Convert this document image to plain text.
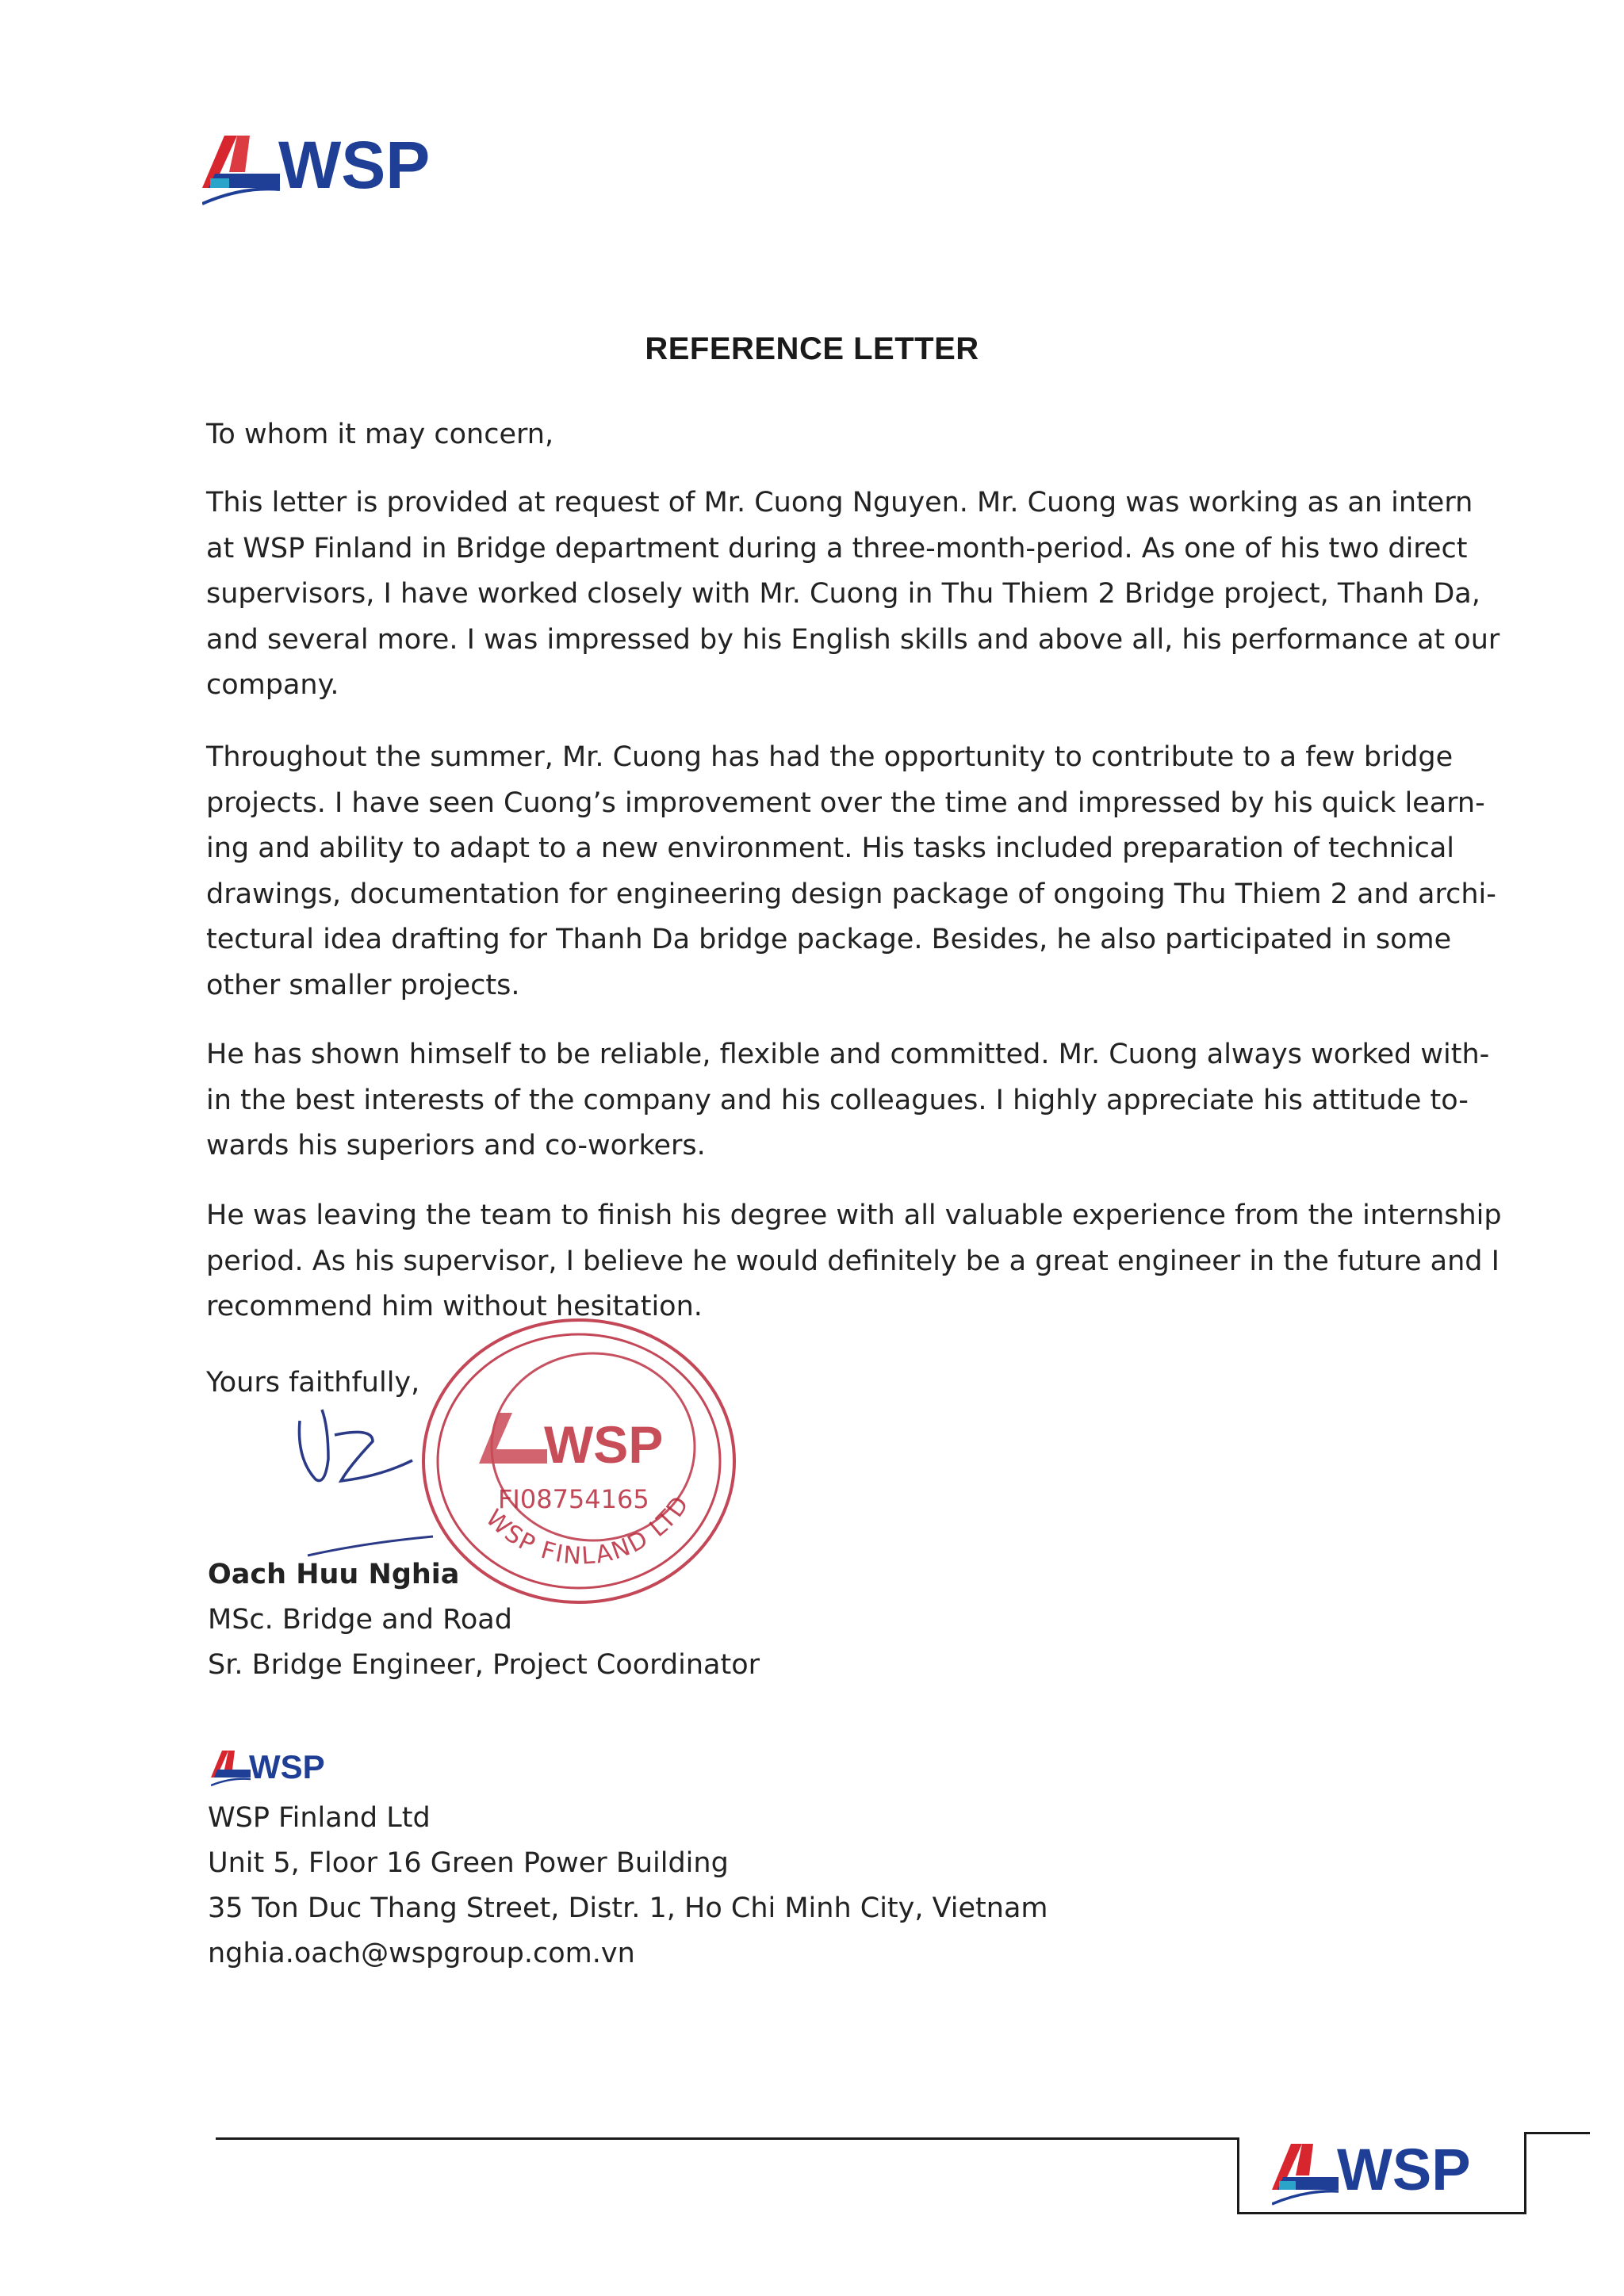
WSP
REFERENCE LETTER
To whom it may concern,
This letter is provided at request of Mr. Cuong Nguyen. Mr. Cuong was working as an intern
at WSP Finland in Bridge department during a three-month-period. As one of his two direct
supervisors, I have worked closely with Mr. Cuong in Thu Thiem 2 Bridge project, Thanh Da,
and several more. I was impressed by his English skills and above all, his performance at our
company.
Throughout the summer, Mr. Cuong has had the opportunity to contribute to a few bridge
projects. I have seen Cuong’s improvement over the time and impressed by his quick learn-
ing and ability to adapt to a new environment. His tasks included preparation of technical
drawings, documentation for engineering design package of ongoing Thu Thiem 2 and archi-
tectural idea drafting for Thanh Da bridge package. Besides, he also participated in some
other smaller projects.
He has shown himself to be reliable, flexible and committed. Mr. Cuong always worked with-
in the best interests of the company and his colleagues. I highly appreciate his attitude to-
wards his superiors and co-workers.
He was leaving the team to finish his degree with all valuable experience from the internship
period. As his supervisor, I believe he would definitely be a great engineer in the future and I
recommend him without hesitation.
Yours faithfully,
WSP
FI08754165
WSP FINLAND LTD
Oach Huu Nghia
MSc. Bridge and Road
Sr. Bridge Engineer, Project Coordinator
WSP
WSP Finland Ltd
Unit 5, Floor 16 Green Power Building
35 Ton Duc Thang Street, Distr. 1, Ho Chi Minh City, Vietnam
nghia.oach@wspgroup.com.vn
WSP
